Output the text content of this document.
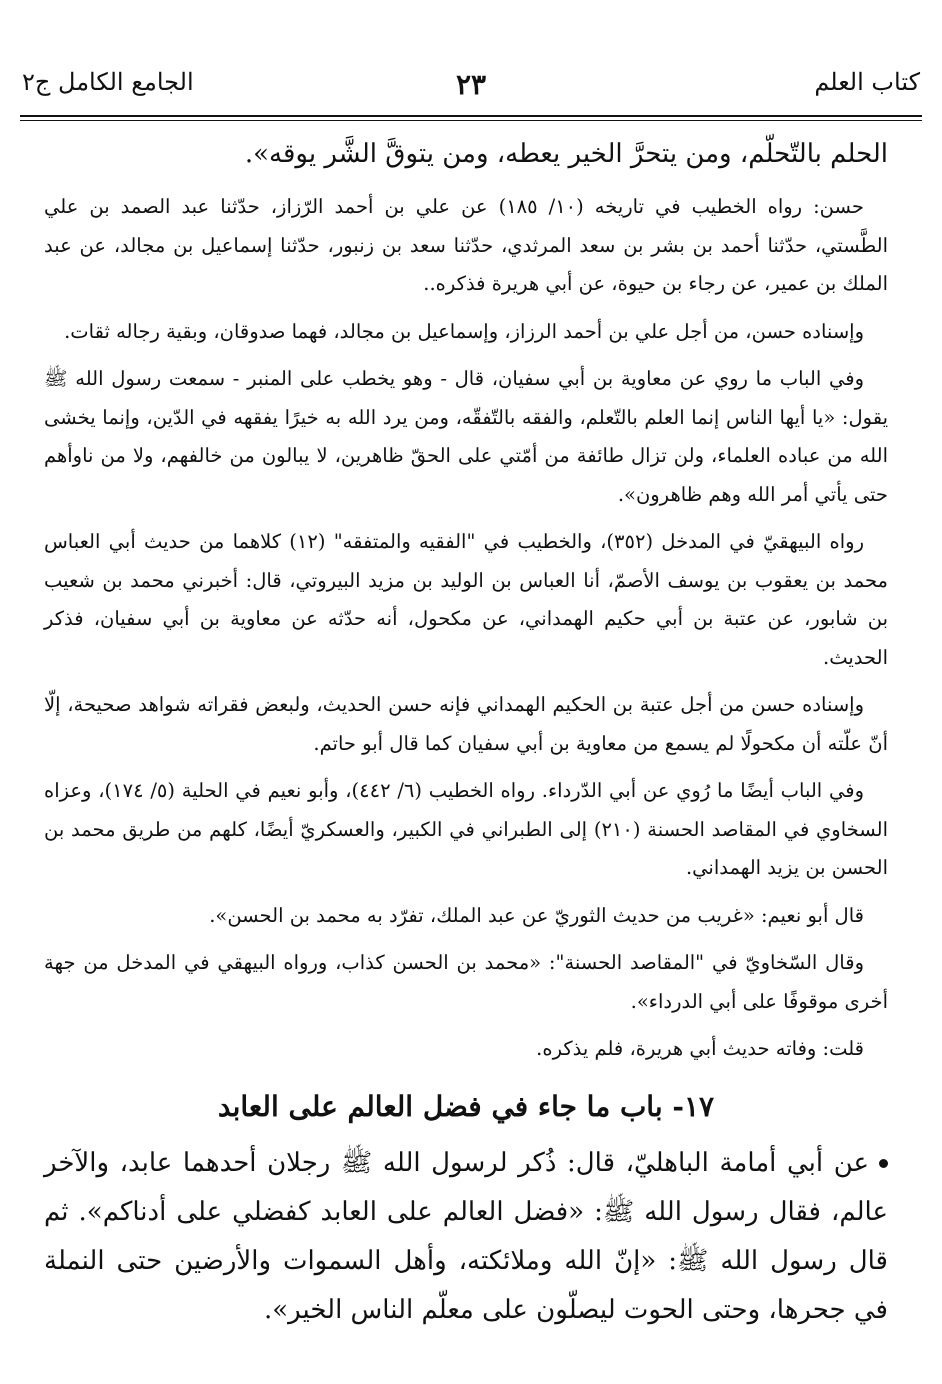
كتاب العلم
٢٣
الجامع الكامل ج٢

الحلم بالتّحلّم، ومن يتحرَّ الخير يعطه، ومن يتوقَّ الشَّر يوقه».

حسن: رواه الخطيب في تاريخه (١٠/ ١٨٥) عن علي بن أحمد الرّزاز، حدّثنا عبد الصمد بن علي الطَّستي، حدّثنا أحمد بن بشر بن سعد المرثدي، حدّثنا سعد بن زنبور، حدّثنا إسماعيل بن مجالد، عن عبد الملك بن عمير، عن رجاء بن حيوة، عن أبي هريرة فذكره..

وإسناده حسن، من أجل علي بن أحمد الرزاز، وإسماعيل بن مجالد، فهما صدوقان، وبقية رجاله ثقات.

وفي الباب ما روي عن معاوية بن أبي سفيان، قال - وهو يخطب على المنبر - سمعت رسول الله ﷺ يقول: «يا أيها الناس إنما العلم بالتّعلم، والفقه بالتّفقّه، ومن يرد الله به خيرًا يفقهه في الدّين، وإنما يخشى الله من عباده العلماء، ولن تزال طائفة من أمّتي على الحقّ ظاهرين، لا يبالون من خالفهم، ولا من ناوأهم حتى يأتي أمر الله وهم ظاهرون».

رواه البيهقيّ في المدخل (٣٥٢)، والخطيب في "الفقيه والمتفقه" (١٢) كلاهما من حديث أبي العباس محمد بن يعقوب بن يوسف الأصمّ، أنا العباس بن الوليد بن مزيد البيروتي، قال: أخبرني محمد بن شعيب بن شابور، عن عتبة بن أبي حكيم الهمداني، عن مكحول، أنه حدّثه عن معاوية بن أبي سفيان، فذكر الحديث.

وإسناده حسن من أجل عتبة بن الحكيم الهمداني فإنه حسن الحديث، ولبعض فقراته شواهد صحيحة، إلّا أنّ علّته أن مكحولًا لم يسمع من معاوية بن أبي سفيان كما قال أبو حاتم.

وفي الباب أيضًا ما رُوي عن أبي الدّرداء. رواه الخطيب (٦/ ٤٤٢)، وأبو نعيم في الحلية (٥/ ١٧٤)، وعزاه السخاوي في المقاصد الحسنة (٢١٠) إلى الطبراني في الكبير، والعسكريّ أيضًا، كلهم من طريق محمد بن الحسن بن يزيد الهمداني.

قال أبو نعيم: «غريب من حديث الثوريّ عن عبد الملك، تفرّد به محمد بن الحسن».

وقال السّخاويّ في "المقاصد الحسنة": «محمد بن الحسن كذاب، ورواه البيهقي في المدخل من جهة أخرى موقوفًا على أبي الدرداء».

قلت: وفاته حديث أبي هريرة، فلم يذكره.

١٧- باب ما جاء في فضل العالم على العابد

عن أبي أمامة الباهليّ، قال: ذُكر لرسول الله ﷺ رجلان أحدهما عابد، والآخر عالم، فقال رسول الله ﷺ: «فضل العالم على العابد كفضلي على أدناكم». ثم قال رسول الله ﷺ: «إنّ الله وملائكته، وأهل السموات والأرضين حتى النملة في جحرها، وحتى الحوت ليصلّون على معلّم الناس الخير».
